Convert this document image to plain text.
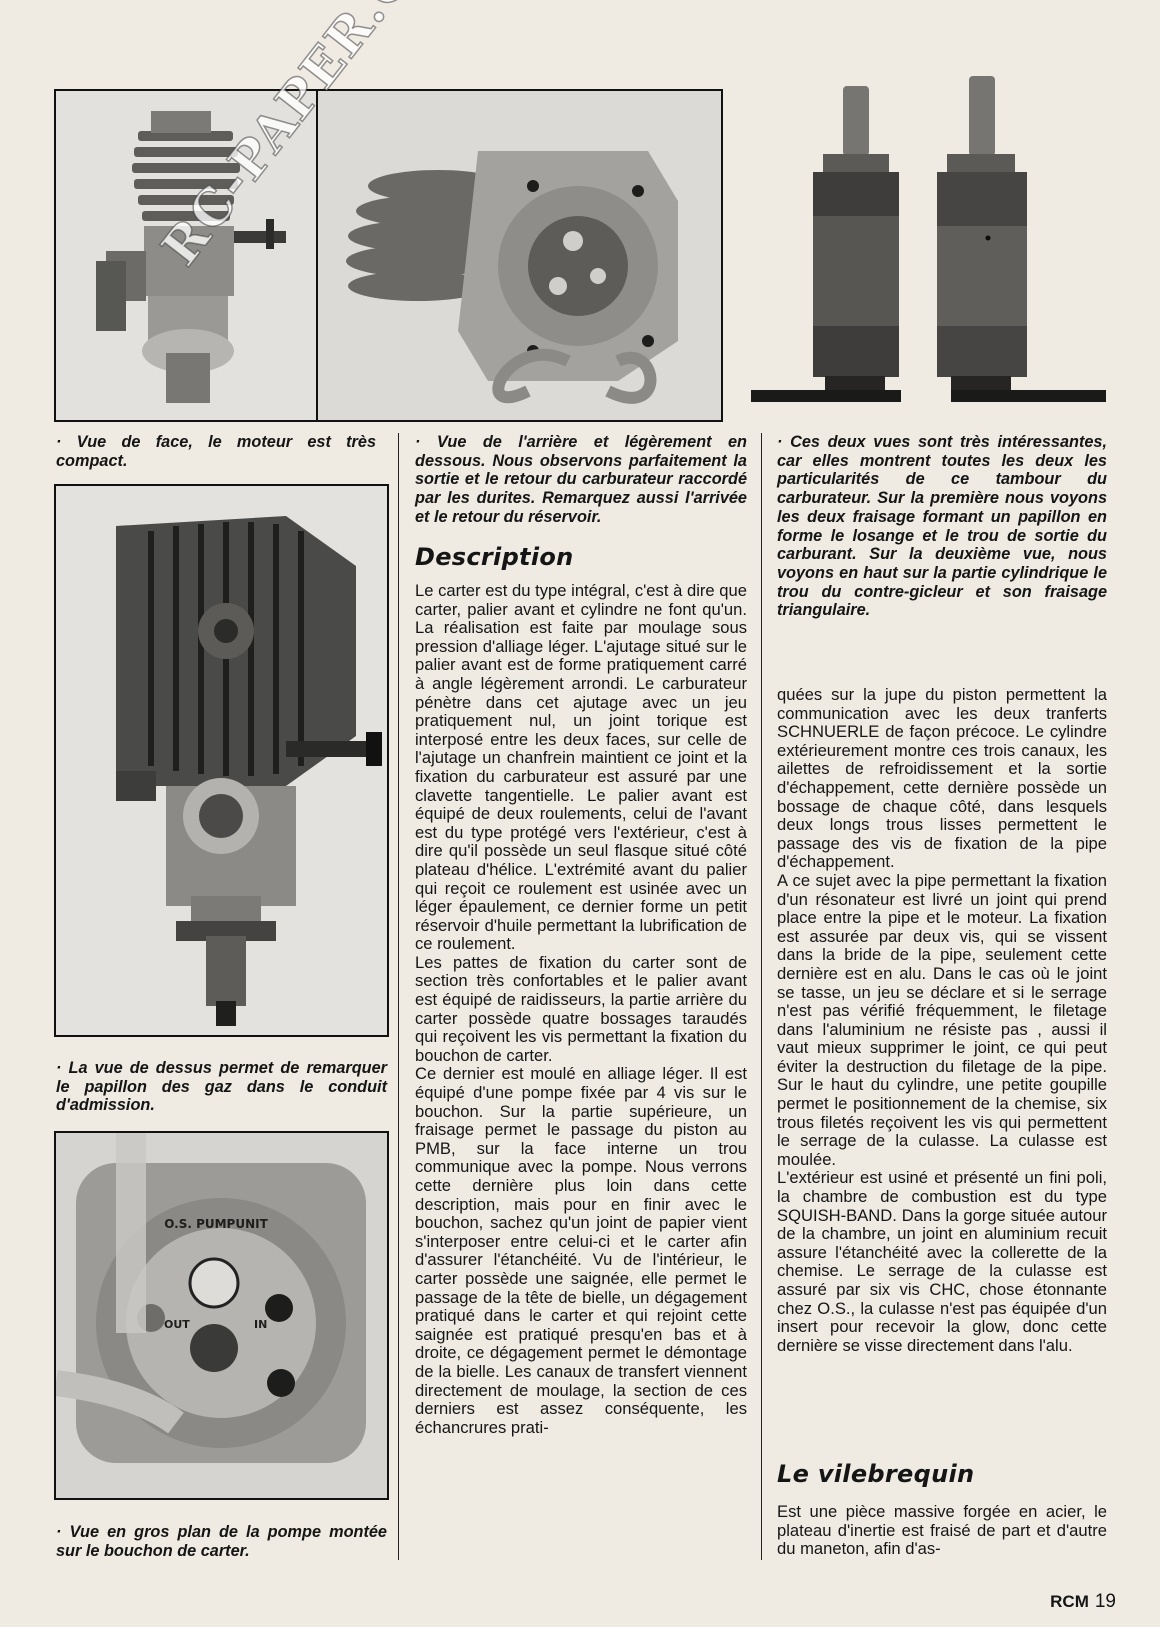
· Vue de face, le moteur est très compact.

· Vue de l'arrière et légèrement en dessous. Nous observons parfaitement la sortie et le retour du carburateur raccordé par les durites. Remarquez aussi l'arrivée et le retour du réservoir.

· Ces deux vues sont très intéressantes, car elles montrent toutes les deux les particularités de ce tambour du carburateur. Sur la première nous voyons les deux fraisage formant un papillon en forme le losange et le trou de sortie du carburant. Sur la deuxième vue, nous voyons en haut sur la partie cylindrique le trou du contre-gicleur et son fraisage triangulaire.

· La vue de dessus permet de remarquer le papillon des gaz dans le conduit d'admission.

O.S. PUMPUNIT
OUT	IN

· Vue en gros plan de la pompe montée sur le bouchon de carter.

Description

Le carter est du type intégral, c'est à dire que carter, palier avant et cylindre ne font qu'un. La réalisation est faite par moulage sous pression d'alliage léger. L'ajutage situé sur le palier avant est de forme pratiquement carré à angle légèrement arrondi. Le carburateur pénètre dans cet ajutage avec un jeu pratiquement nul, un joint torique est interposé entre les deux faces, sur celle de l'ajutage un chanfrein maintient ce joint et la fixation du carburateur est assuré par une clavette tangentielle. Le palier avant est équipé de deux roulements, celui de l'avant est du type protégé vers l'extérieur, c'est à dire qu'il possède un seul flasque situé côté plateau d'hélice. L'extrémité avant du palier qui reçoit ce roulement est usinée avec un léger épaulement, ce dernier forme un petit réservoir d'huile permettant la lubrification de ce roulement.

Les pattes de fixation du carter sont de section très confortables et le palier avant est équipé de raidisseurs, la partie arrière du carter possède quatre bossages taraudés qui reçoivent les vis permettant la fixation du bouchon de carter.

Ce dernier est moulé en alliage léger. Il est équipé d'une pompe fixée par 4 vis sur le bouchon. Sur la partie supérieure, un fraisage permet le passage du piston au PMB, sur la face interne un trou communique avec la pompe. Nous verrons cette dernière plus loin dans cette description, mais pour en finir avec le bouchon, sachez qu'un joint de papier vient s'interposer entre celui-ci et le carter afin d'assurer l'étanchéité. Vu de l'intérieur, le carter possède une saignée, elle permet le passage de la tête de bielle, un dégagement pratiqué dans le carter et qui rejoint cette saignée est pratiqué presqu'en bas et à droite, ce dégagement permet le démontage de la bielle. Les canaux de transfert viennent directement de moulage, la section de ces derniers est assez conséquente, les échancrures prati-

quées sur la jupe du piston permettent la communication avec les deux tranferts SCHNUERLE de façon précoce. Le cylindre extérieurement montre ces trois canaux, les ailettes de refroidissement et la sortie d'échappement, cette dernière possède un bossage de chaque côté, dans lesquels deux longs trous lisses permettent le passage des vis de fixation de la pipe d'échappement.

A ce sujet avec la pipe permettant la fixation d'un résonateur est livré un joint qui prend place entre la pipe et le moteur. La fixation est assurée par deux vis, qui se vissent dans la bride de la pipe, seulement cette dernière est en alu. Dans le cas où le joint se tasse, un jeu se déclare et si le serrage n'est pas vérifié fréquemment, le filetage dans l'aluminium ne résiste pas , aussi il vaut mieux supprimer le joint, ce qui peut éviter la destruction du filetage de la pipe. Sur le haut du cylindre, une petite goupille permet le positionnement de la chemise, six trous filetés reçoivent les vis qui permettent le serrage de la culasse. La culasse est moulée.

L'extérieur est usiné et présenté un fini poli, la chambre de combustion est du type SQUISH-BAND. Dans la gorge située autour de la chambre, un joint en aluminium recuit assure l'étanchéité avec la collerette de la chemise. Le serrage de la culasse est assuré par six vis CHC, chose étonnante chez O.S., la culasse n'est pas équipée d'un insert pour recevoir la glow, donc cette dernière se visse directement dans l'alu.

Le vilebrequin

Est une pièce massive forgée en acier, le plateau d'inertie est fraisé de part et d'autre du maneton, afin d'as-

RCM 19
